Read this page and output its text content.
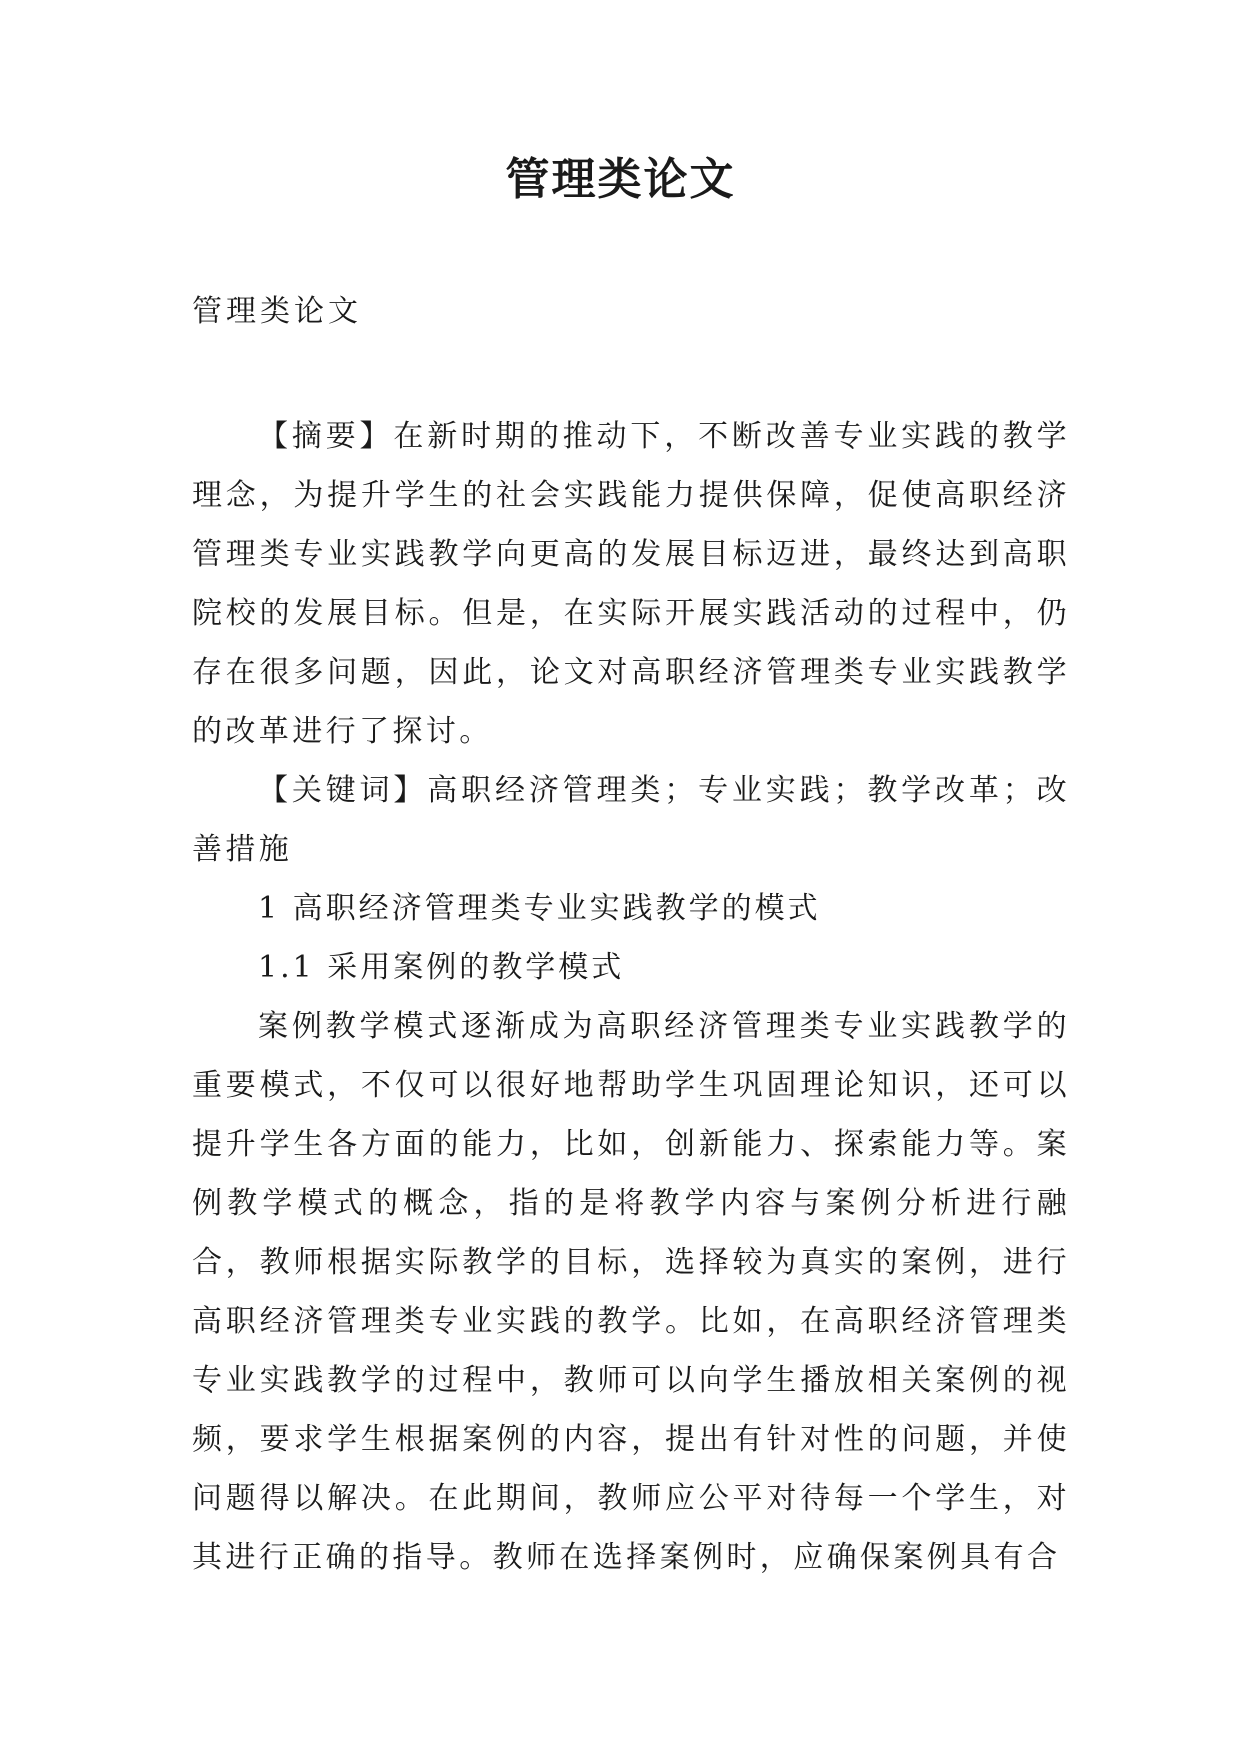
管理类论文

管理类论文

【摘要】在新时期的推动下，不断改善专业实践的教学理念，为提升学生的社会实践能力提供保障，促使高职经济管理类专业实践教学向更高的发展目标迈进，最终达到高职院校的发展目标。但是，在实际开展实践活动的过程中，仍存在很多问题，因此，论文对高职经济管理类专业实践教学的改革进行了探讨。

【关键词】高职经济管理类；专业实践；教学改革；改善措施

1 高职经济管理类专业实践教学的模式

1.1 采用案例的教学模式

案例教学模式逐渐成为高职经济管理类专业实践教学的重要模式，不仅可以很好地帮助学生巩固理论知识，还可以提升学生各方面的能力，比如，创新能力、探索能力等。案例教学模式的概念，指的是将教学内容与案例分析进行融合，教师根据实际教学的目标，选择较为真实的案例，进行高职经济管理类专业实践的教学。比如，在高职经济管理类专业实践教学的过程中，教师可以向学生播放相关案例的视频，要求学生根据案例的内容，提出有针对性的问题，并使问题得以解决。在此期间，教师应公平对待每一个学生，对其进行正确的指导。教师在选择案例时，应确保案例具有合
